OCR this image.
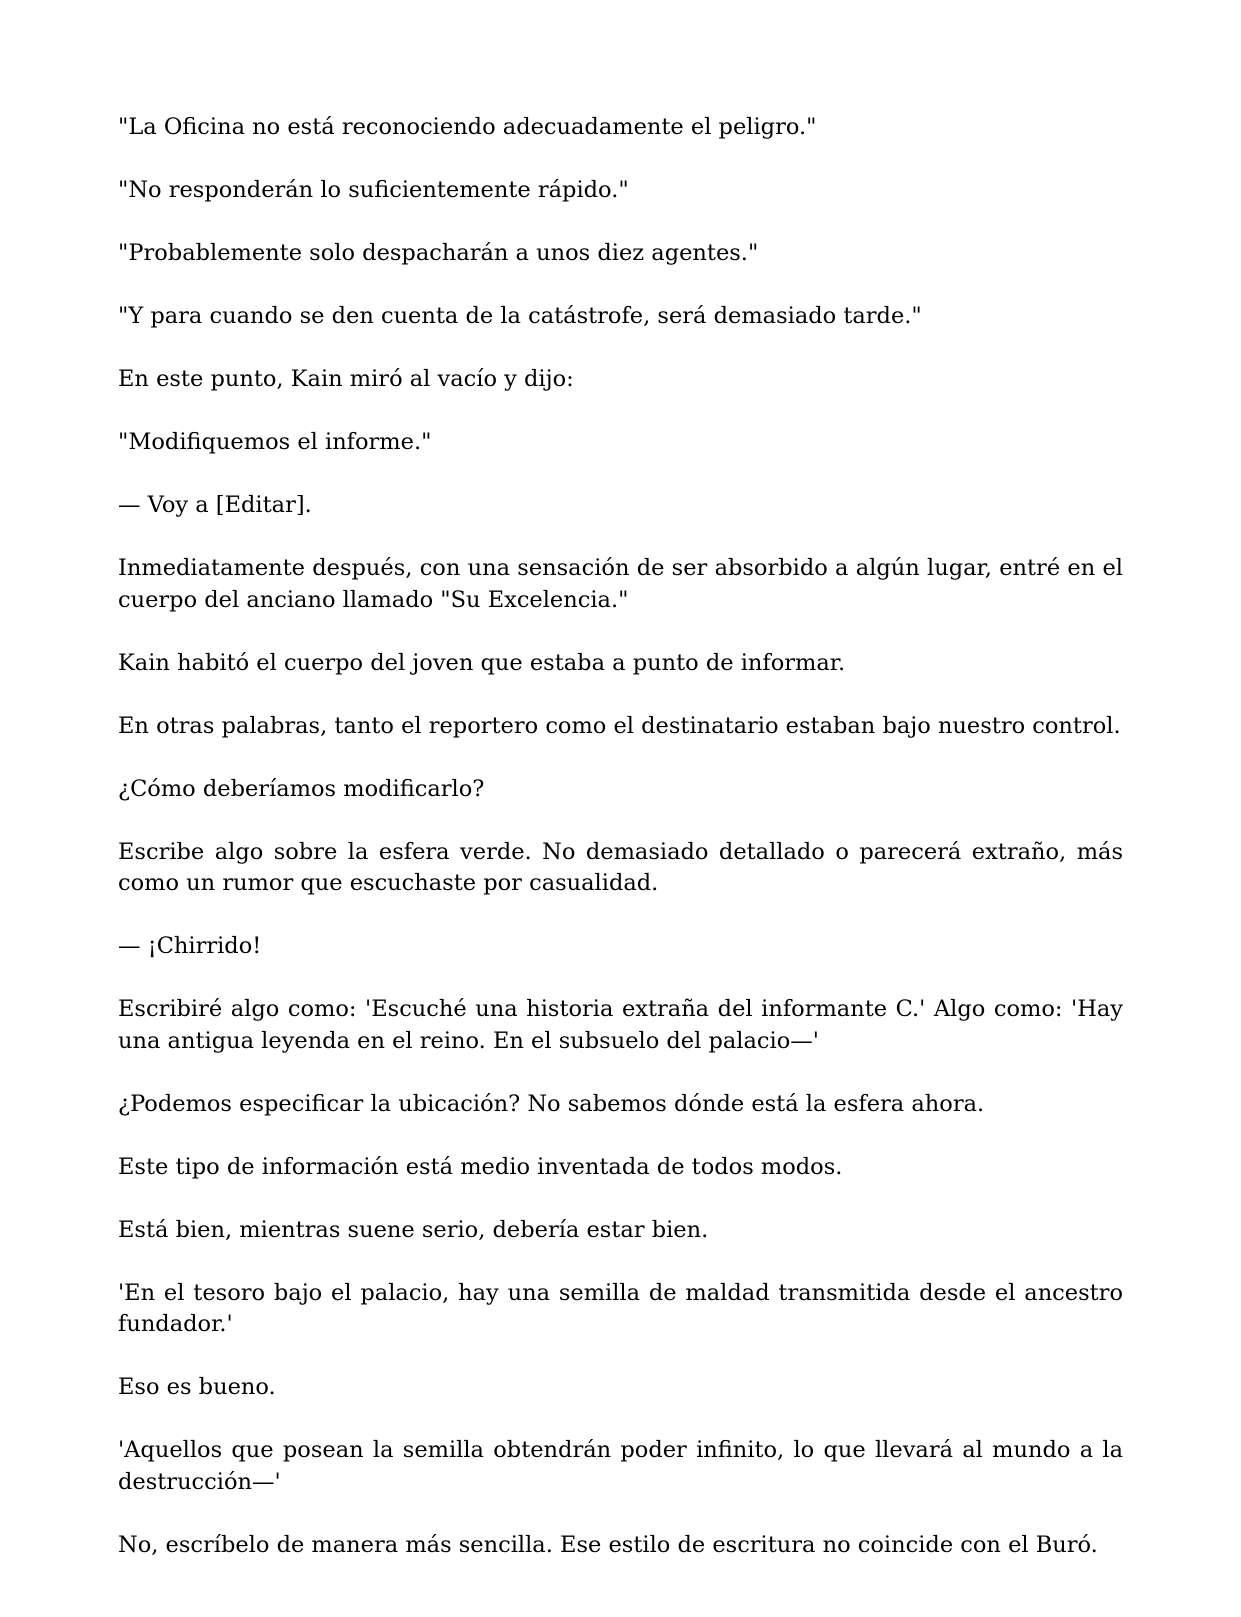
"La Oficina no está reconociendo adecuadamente el peligro."

"No responderán lo suficientemente rápido."

"Probablemente solo despacharán a unos diez agentes."

"Y para cuando se den cuenta de la catástrofe, será demasiado tarde."

En este punto, Kain miró al vacío y dijo:

"Modifiquemos el informe."

— Voy a [Editar].

Inmediatamente después, con una sensación de ser absorbido a algún lugar, entré en el cuerpo del anciano llamado "Su Excelencia."

Kain habitó el cuerpo del joven que estaba a punto de informar.

En otras palabras, tanto el reportero como el destinatario estaban bajo nuestro control.

¿Cómo deberíamos modificarlo?

Escribe algo sobre la esfera verde. No demasiado detallado o parecerá extraño, más como un rumor que escuchaste por casualidad.

— ¡Chirrido!

Escribiré algo como: 'Escuché una historia extraña del informante C.' Algo como: 'Hay una antigua leyenda en el reino. En el subsuelo del palacio—'

¿Podemos especificar la ubicación? No sabemos dónde está la esfera ahora.

Este tipo de información está medio inventada de todos modos.

Está bien, mientras suene serio, debería estar bien.

'En el tesoro bajo el palacio, hay una semilla de maldad transmitida desde el ancestro fundador.'

Eso es bueno.

'Aquellos que posean la semilla obtendrán poder infinito, lo que llevará al mundo a la destrucción—'

No, escríbelo de manera más sencilla. Ese estilo de escritura no coincide con el Buró.
